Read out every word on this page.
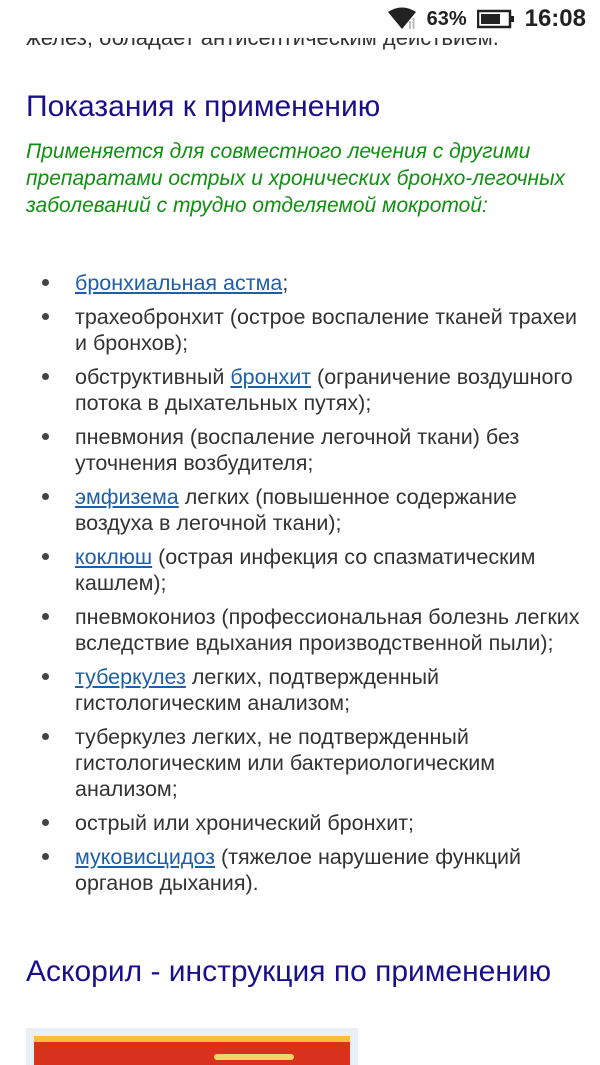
63% 16:08
Показания к применению
Применяется для совместного лечения с другими препаратами острых и хронических бронхо-легочных заболеваний с трудно отделяемой мокротой:
бронхиальная астма;
трахеобронхит (острое воспаление тканей трахеи и бронхов);
обструктивный бронхит (ограничение воздушного потока в дыхательных путях);
пневмония (воспаление легочной ткани) без уточнения возбудителя;
эмфизема легких (повышенное содержание воздуха в легочной ткани);
коклюш (острая инфекция со спазматическим кашлем);
пневмокониоз (профессиональная болезнь легких вследствие вдыхания производственной пыли);
туберкулез легких, подтвержденный гистологическим анализом;
туберкулез легких, не подтвержденный гистологическим или бактериологическим анализом;
острый или хронический бронхит;
муковисцидоз (тяжелое нарушение функций органов дыхания).
Аскорил - инструкция по применению
